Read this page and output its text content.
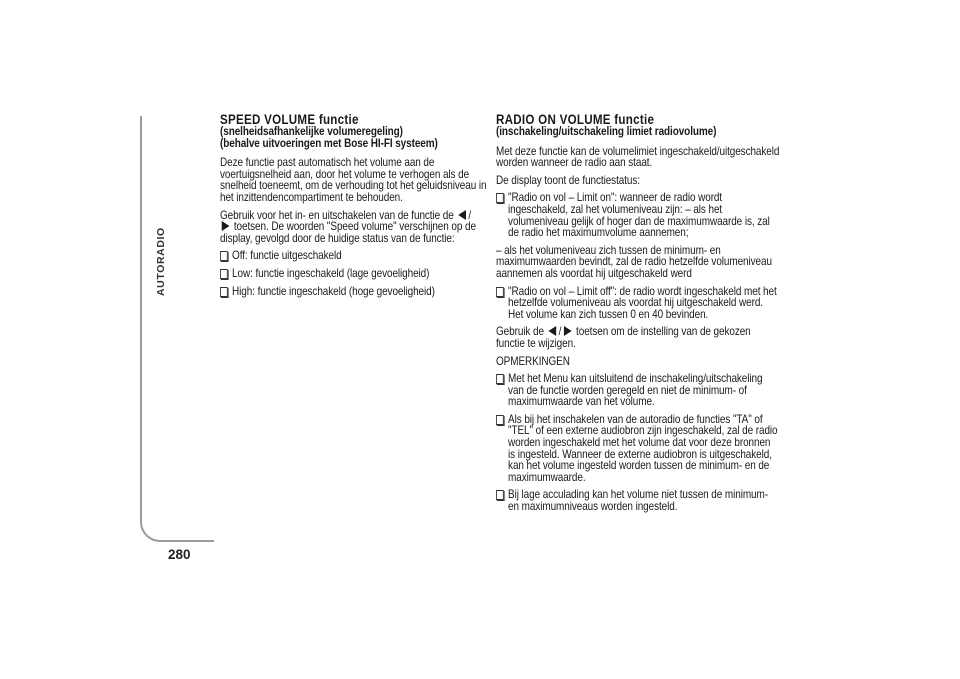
AUTORADIO
280
SPEED VOLUME functie
(snelheidsafhankelijke volumeregeling)
(behalve uitvoeringen met Bose HI-FI systeem)

Deze functie past automatisch het volume aan de voertuigsnelheid aan, door het volume te verhogen als de snelheid toeneemt, om de verhouding tot het geluidsniveau in het inzittendencompartiment te behouden.

Gebruik voor het in- en uitschakelen van de functie de /
toetsen. De woorden "Speed volume" verschijnen op de display, gevolgd door de huidige status van de functie:

Off: functie uitgeschakeld
Low: functie ingeschakeld (lage gevoeligheid)
High: functie ingeschakeld (hoge gevoeligheid)
RADIO ON VOLUME functie
(inschakeling/uitschakeling limiet radiovolume)

Met deze functie kan de volumelimiet ingeschakeld/uitgeschakeld worden wanneer de radio aan staat.

De display toont de functiestatus:

"Radio on vol – Limit on": wanneer de radio wordt ingeschakeld, zal het volumeniveau zijn: – als het volumeniveau gelijk of hoger dan de maximumwaarde is, zal de radio het maximumvolume aannemen;

– als het volumeniveau zich tussen de minimum- en maximumwaarden bevindt, zal de radio hetzelfde volumeniveau aannemen als voordat hij uitgeschakeld werd

"Radio on vol – Limit off": de radio wordt ingeschakeld met het hetzelfde volumeniveau als voordat hij uitgeschakeld werd. Het volume kan zich tussen 0 en 40 bevinden.

Gebruik de / toetsen om de instelling van de gekozen functie te wijzigen.

OPMERKINGEN

Met het Menu kan uitsluitend de inschakeling/uitschakeling van de functie worden geregeld en niet de minimum- of maximumwaarde van het volume.
Als bij het inschakelen van de autoradio de functies "TA" of "TEL" of een externe audiobron zijn ingeschakeld, zal de radio worden ingeschakeld met het volume dat voor deze bronnen is ingesteld. Wanneer de externe audiobron is uitgeschakeld, kan het volume ingesteld worden tussen de minimum- en de maximumwaarde.
Bij lage acculading kan het volume niet tussen de minimum- en maximumniveaus worden ingesteld.
